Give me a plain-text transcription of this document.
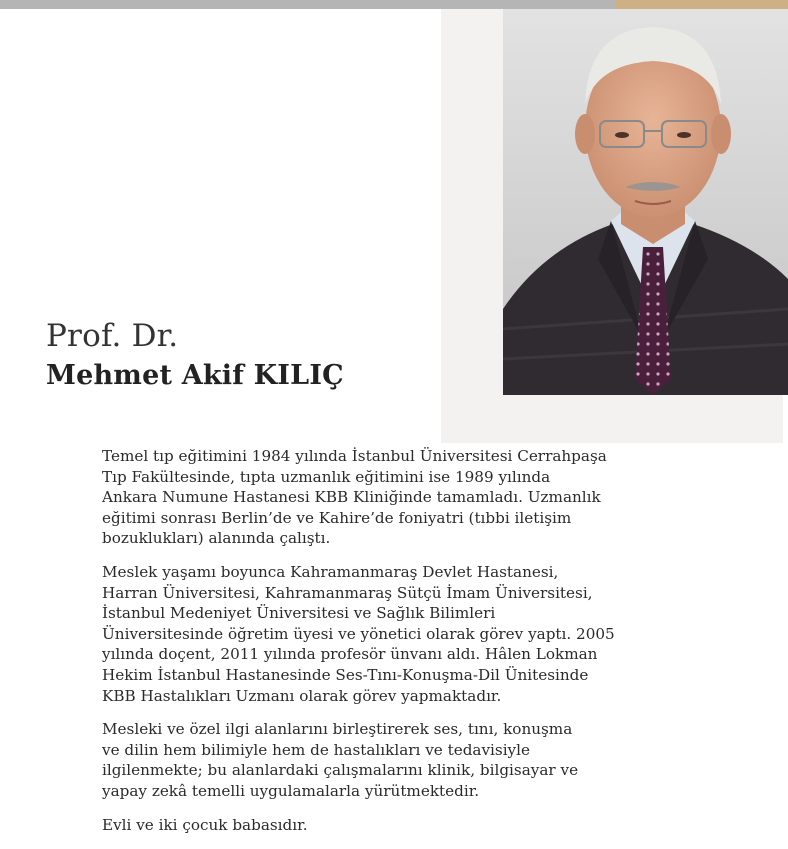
Prof. Dr.
Mehmet Akif KILIÇ

Temel tıp eğitimini 1984 yılında İstanbul Üniversitesi Cerrahpaşa
Tıp Fakültesinde, tıpta uzmanlık eğitimini ise 1989 yılında
Ankara Numune Hastanesi KBB Kliniğinde tamamladı. Uzmanlık
eğitimi sonrası Berlin’de ve Kahire’de foniyatri (tıbbi iletişim
bozuklukları) alanında çalıştı.

Meslek yaşamı boyunca Kahramanmaraş Devlet Hastanesi,
Harran Üniversitesi, Kahramanmaraş Sütçü İmam Üniversitesi,
İstanbul Medeniyet Üniversitesi ve Sağlık Bilimleri
Üniversitesinde öğretim üyesi ve yönetici olarak görev yaptı. 2005
yılında doçent, 2011 yılında profesör ünvanı aldı. Hâlen Lokman
Hekim İstanbul Hastanesinde Ses-Tını-Konuşma-Dil Ünitesinde
KBB Hastalıkları Uzmanı olarak görev yapmaktadır.

Mesleki ve özel ilgi alanlarını birleştirerek ses, tını, konuşma
ve dilin hem bilimiyle hem de hastalıkları ve tedavisiyle
ilgilenmekte; bu alanlardaki çalışmalarını klinik, bilgisayar ve
yapay zekâ temelli uygulamalarla yürütmektedir.

Evli ve iki çocuk babasıdır.
